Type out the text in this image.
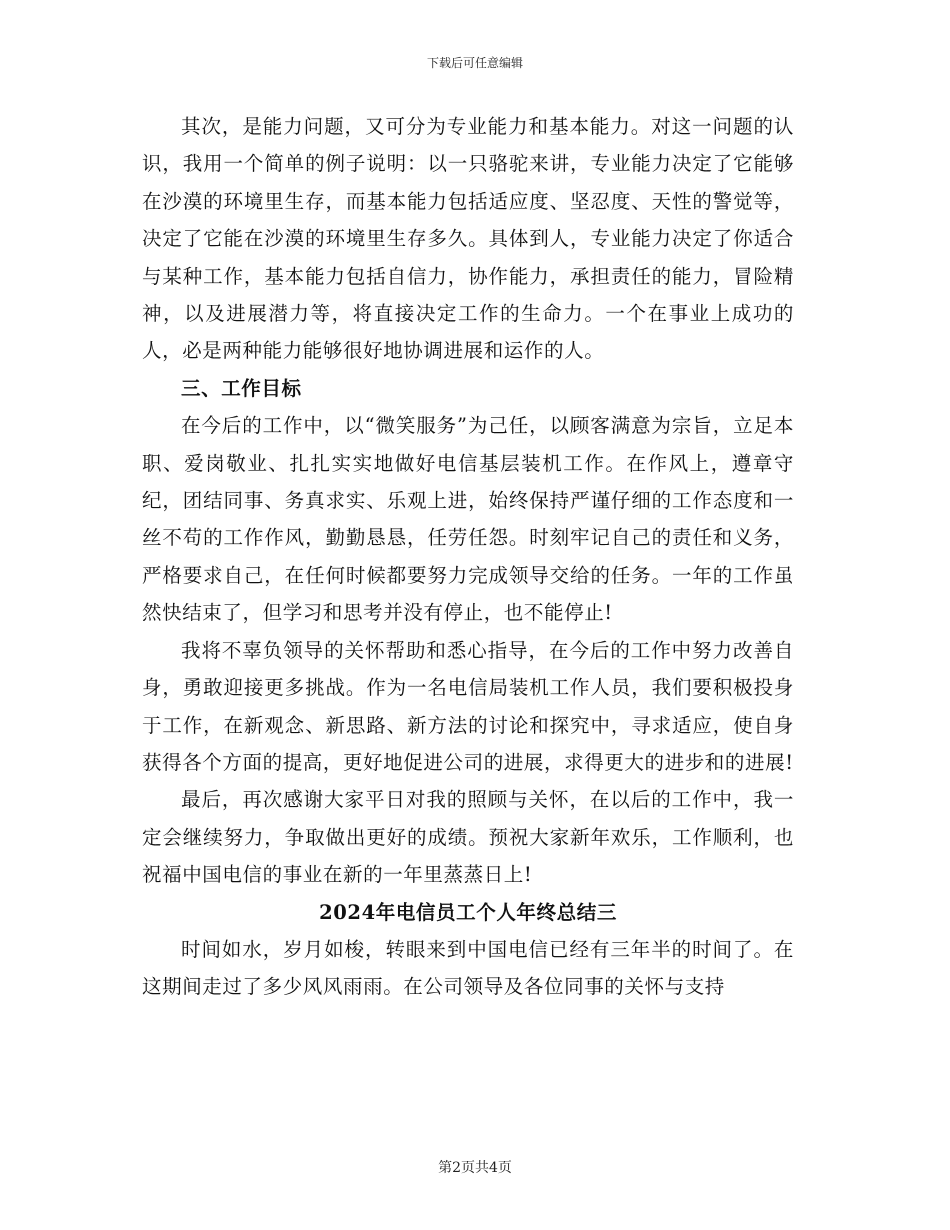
下载后可任意编辑

其次，是能力问题，又可分为专业能力和基本能力。对这一问题的认识，我用一个简单的例子说明：以一只骆驼来讲，专业能力决定了它能够在沙漠的环境里生存，而基本能力包括适应度、坚忍度、天性的警觉等，决定了它能在沙漠的环境里生存多久。具体到人，专业能力决定了你适合与某种工作，基本能力包括自信力，协作能力，承担责任的能力，冒险精神，以及进展潜力等，将直接决定工作的生命力。一个在事业上成功的人，必是两种能力能够很好地协调进展和运作的人。

三、工作目标

在今后的工作中，以“微笑服务”为己任，以顾客满意为宗旨，立足本职、爱岗敬业、扎扎实实地做好电信基层装机工作。在作风上，遵章守纪，团结同事、务真求实、乐观上进，始终保持严谨仔细的工作态度和一丝不苟的工作作风，勤勤恳恳，任劳任怨。时刻牢记自己的责任和义务，严格要求自己，在任何时候都要努力完成领导交给的任务。一年的工作虽然快结束了，但学习和思考并没有停止，也不能停止!

我将不辜负领导的关怀帮助和悉心指导，在今后的工作中努力改善自身，勇敢迎接更多挑战。作为一名电信局装机工作人员，我们要积极投身于工作，在新观念、新思路、新方法的讨论和探究中，寻求适应，使自身获得各个方面的提高，更好地促进公司的进展，求得更大的进步和的进展!

最后，再次感谢大家平日对我的照顾与关怀，在以后的工作中，我一定会继续努力，争取做出更好的成绩。预祝大家新年欢乐，工作顺利，也祝福中国电信的事业在新的一年里蒸蒸日上!

2024年电信员工个人年终总结三

时间如水，岁月如梭，转眼来到中国电信已经有三年半的时间了。在这期间走过了多少风风雨雨。在公司领导及各位同事的关怀与支持

第2页共4页
